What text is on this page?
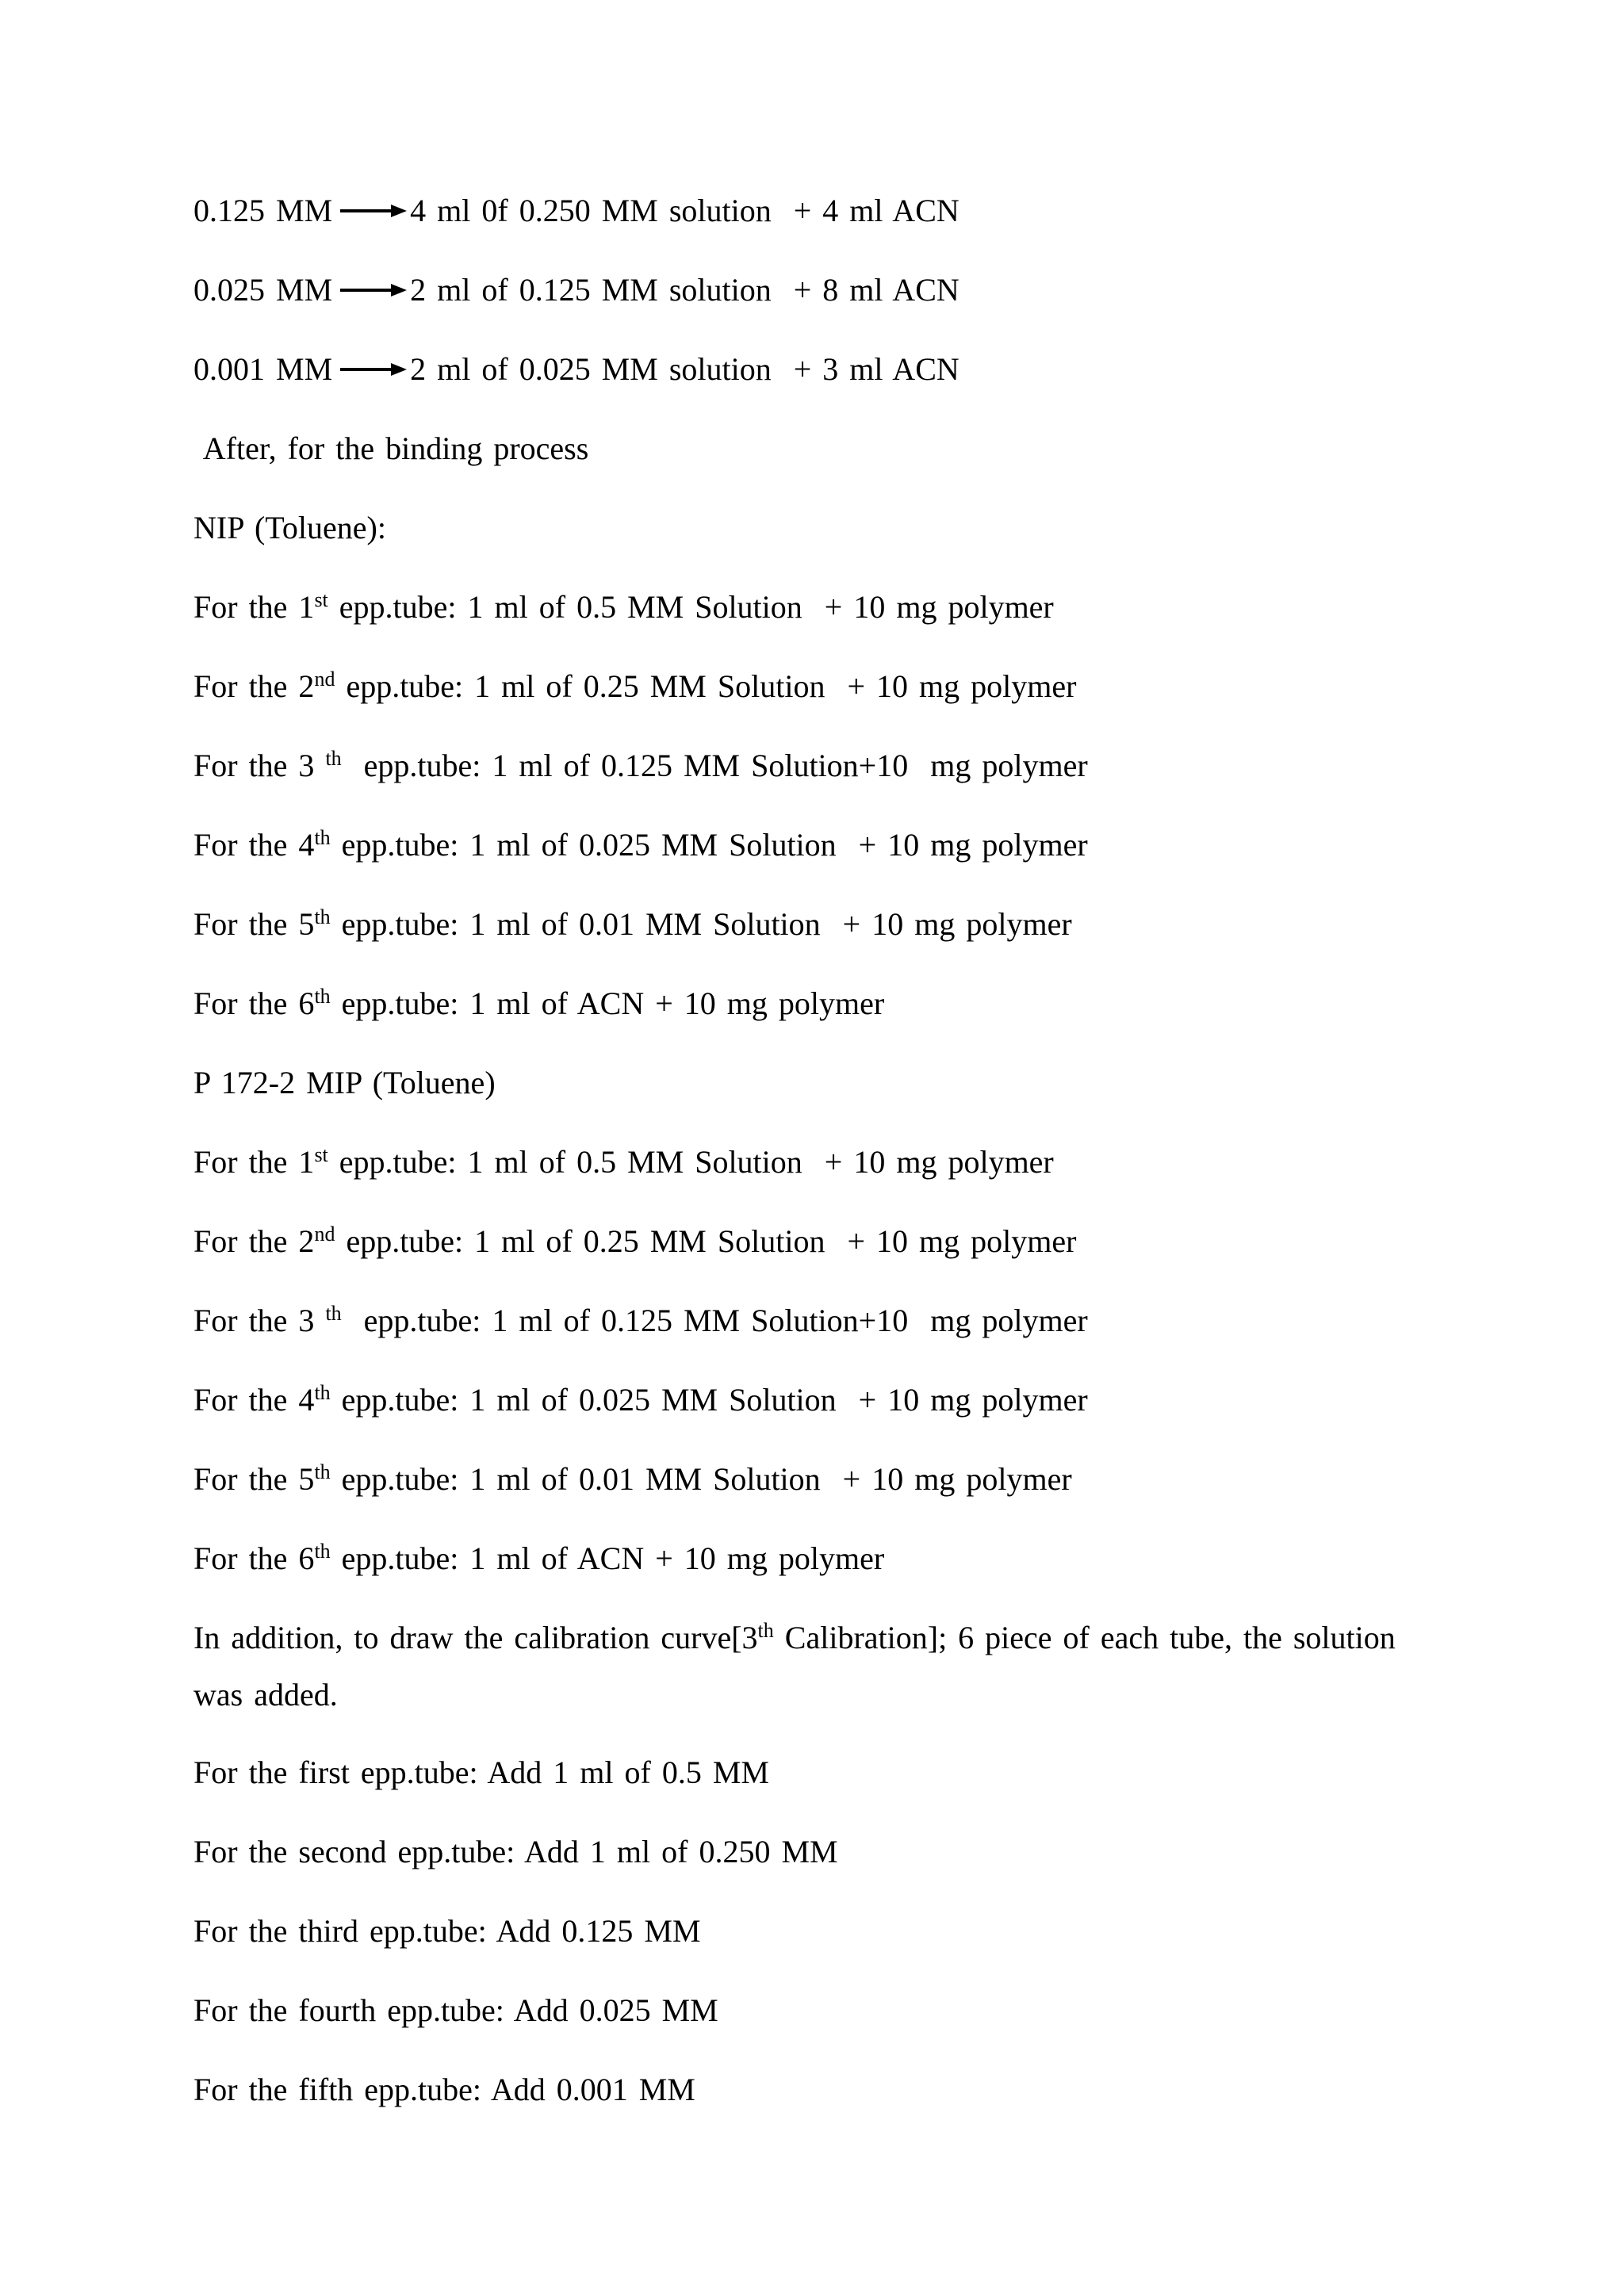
0.125 MM 4 ml 0f 0.250 MM solution  + 4 ml ACN
0.025 MM 2 ml of 0.125 MM solution  + 8 ml ACN
0.001 MM 2 ml of 0.025 MM solution  + 3 ml ACN
After, for the binding process
NIP (Toluene):
For the 1st epp.tube: 1 ml of 0.5 MM Solution  + 10 mg polymer
For the 2nd epp.tube: 1 ml of 0.25 MM Solution  + 10 mg polymer
For the 3 $^{th}$  epp.tube: 1 ml of 0.125 MM Solution+10  mg polymer
For the 4th epp.tube: 1 ml of 0.025 MM Solution  + 10 mg polymer
For the 5th epp.tube: 1 ml of 0.01 MM Solution  + 10 mg polymer
For the 6th epp.tube: 1 ml of ACN + 10 mg polymer
P 172-2 MIP (Toluene)
For the 1st epp.tube: 1 ml of 0.5 MM Solution  + 10 mg polymer
For the 2nd epp.tube: 1 ml of 0.25 MM Solution  + 10 mg polymer
For the 3 $^{th}$  epp.tube: 1 ml of 0.125 MM Solution+10  mg polymer
For the 4th epp.tube: 1 ml of 0.025 MM Solution  + 10 mg polymer
For the 5th epp.tube: 1 ml of 0.01 MM Solution  + 10 mg polymer
For the 6th epp.tube: 1 ml of ACN + 10 mg polymer
In addition, to draw the calibration curve[3th Calibration]; 6 piece of each tube, the solution was added.
For the first epp.tube: Add 1 ml of 0.5 MM
For the second epp.tube: Add 1 ml of 0.250 MM
For the third epp.tube: Add 0.125 MM
For the fourth epp.tube: Add 0.025 MM
For the fifth epp.tube: Add 0.001 MM
